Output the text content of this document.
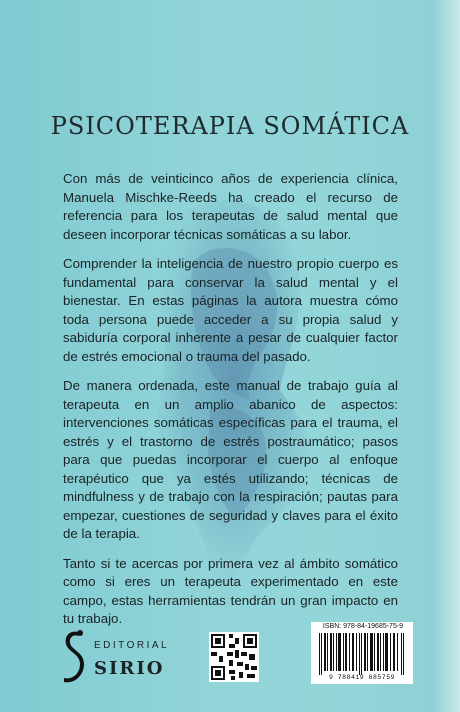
PSICOTERAPIA SOMÁTICA

Con más de veinticinco años de experiencia clínica, Manuela Mischke-Reeds ha creado el recurso de referencia para los terapeutas de salud mental que deseen incorporar técnicas somáticas a su labor.

Comprender la inteligencia de nuestro propio cuerpo es fundamental para conservar la salud mental y el bienestar. En estas páginas la autora muestra cómo toda persona puede acceder a su propia salud y sabiduría corporal inherente a pesar de cualquier factor de estrés emocional o trauma del pasado.

De manera ordenada, este manual de trabajo guía al terapeuta en un amplio abanico de aspectos: intervenciones somáticas específicas para el trauma, el estrés y el trastorno de estrés postraumático; pasos para que puedas incorporar el cuerpo al enfoque terapéutico que ya estés utilizando; técnicas de mindfulness y de trabajo con la respiración; pautas para empezar, cuestiones de seguridad y claves para el éxito de la terapia.

Tanto si te acercas por primera vez al ámbito somático como si eres un terapeuta experimentado en este campo, estas herramientas tendrán un gran impacto en tu trabajo.

EDITORIAL
SIRIO
ISBN: 978-84-19685-75-9
9 788419 685759
